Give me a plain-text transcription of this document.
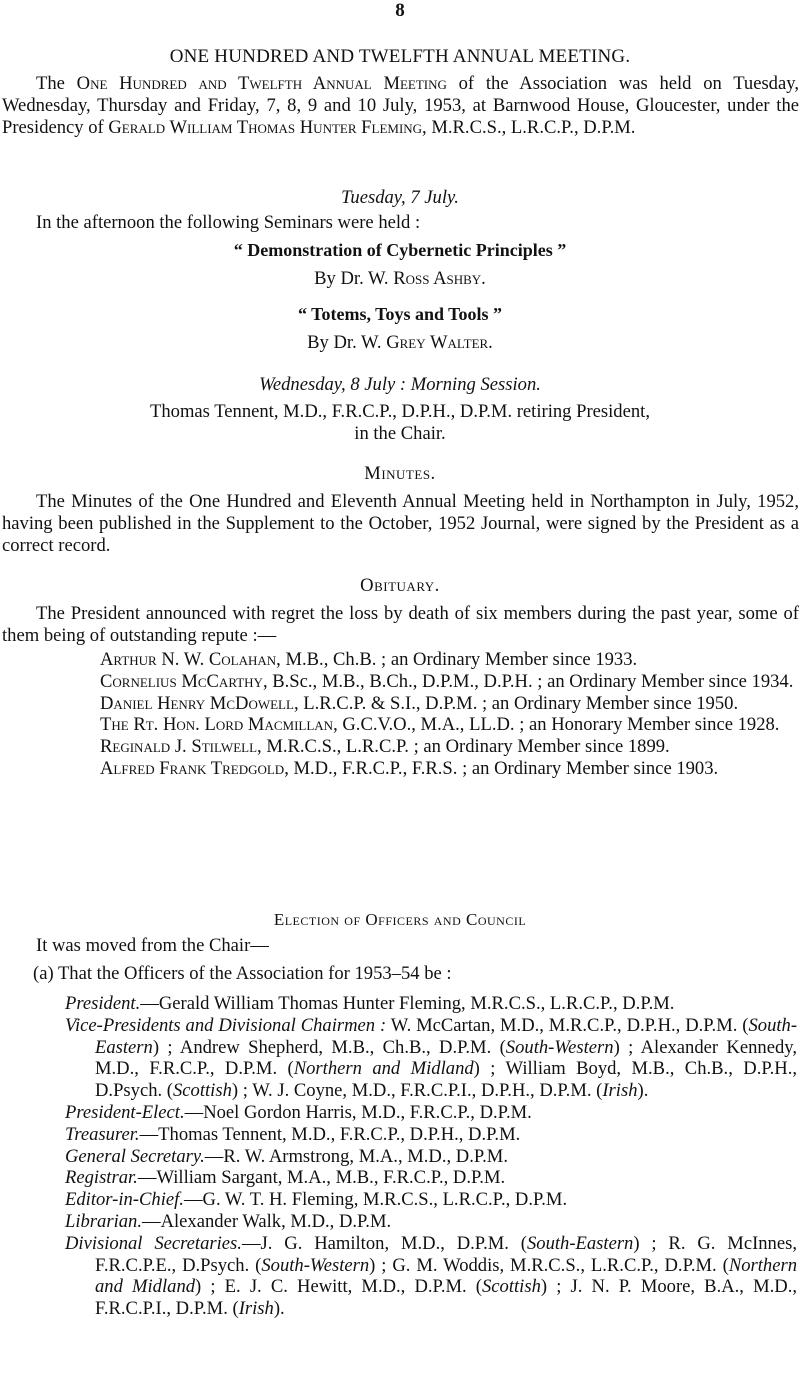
8
ONE HUNDRED AND TWELFTH ANNUAL MEETING.

The One Hundred and Twelfth Annual Meeting of the Association was held on Tuesday, Wednesday, Thursday and Friday, 7, 8, 9 and 10 July, 1953, at Barnwood House, Gloucester, under the Presidency of Gerald William Thomas Hunter Fleming, M.R.C.S., L.R.C.P., D.P.M.

Tuesday, 7 July.
In the afternoon the following Seminars were held :
“ Demonstration of Cybernetic Principles ”
By Dr. W. Ross Ashby.
“ Totems, Toys and Tools ”
By Dr. W. Grey Walter.
Wednesday, 8 July : Morning Session.
Thomas Tennent, M.D., F.R.C.P., D.P.H., D.P.M. retiring President,
in the Chair.
Minutes.

The Minutes of the One Hundred and Eleventh Annual Meeting held in Northampton in July, 1952, having been published in the Supplement to the October, 1952 Journal, were signed by the President as a correct record.

Obituary.

The President announced with regret the loss by death of six members during the past year, some of them being of outstanding repute :—

Arthur N. W. Colahan, M.B., Ch.B. ; an Ordinary Member since 1933.

Cornelius McCarthy, B.Sc., M.B., B.Ch., D.P.M., D.P.H. ; an Ordinary Member since 1934.

Daniel Henry McDowell, L.R.C.P. & S.I., D.P.M. ; an Ordinary Member since 1950.

The Rt. Hon. Lord Macmillan, G.C.V.O., M.A., LL.D. ; an Honorary Member since 1928.

Reginald J. Stilwell, M.R.C.S., L.R.C.P. ; an Ordinary Member since 1899.

Alfred Frank Tredgold, M.D., F.R.C.P., F.R.S. ; an Ordinary Member since 1903.

Election of Officers and Council
It was moved from the Chair—

(a) That the Officers of the Association for 1953–54 be :

President.—Gerald William Thomas Hunter Fleming, M.R.C.S., L.R.C.P., D.P.M.

Vice-Presidents and Divisional Chairmen : W. McCartan, M.D., M.R.C.P., D.P.H., D.P.M. (South-Eastern) ; Andrew Shepherd, M.B., Ch.B., D.P.M. (South-Western) ; Alexander Kennedy, M.D., F.R.C.P., D.P.M. (Northern and Midland) ; William Boyd, M.B., Ch.B., D.P.H., D.Psych. (Scottish) ; W. J. Coyne, M.D., F.R.C.P.I., D.P.H., D.P.M. (Irish).

President-Elect.—Noel Gordon Harris, M.D., F.R.C.P., D.P.M.

Treasurer.—Thomas Tennent, M.D., F.R.C.P., D.P.H., D.P.M.

General Secretary.—R. W. Armstrong, M.A., M.D., D.P.M.

Registrar.—William Sargant, M.A., M.B., F.R.C.P., D.P.M.

Editor-in-Chief.—G. W. T. H. Fleming, M.R.C.S., L.R.C.P., D.P.M.

Librarian.—Alexander Walk, M.D., D.P.M.

Divisional Secretaries.—J. G. Hamilton, M.D., D.P.M. (South-Eastern) ; R. G. McInnes, F.R.C.P.E., D.Psych. (South-Western) ; G. M. Woddis, M.R.C.S., L.R.C.P., D.P.M. (Northern and Midland) ; E. J. C. Hewitt, M.D., D.P.M. (Scottish) ; J. N. P. Moore, B.A., M.D., F.R.C.P.I., D.P.M. (Irish).
